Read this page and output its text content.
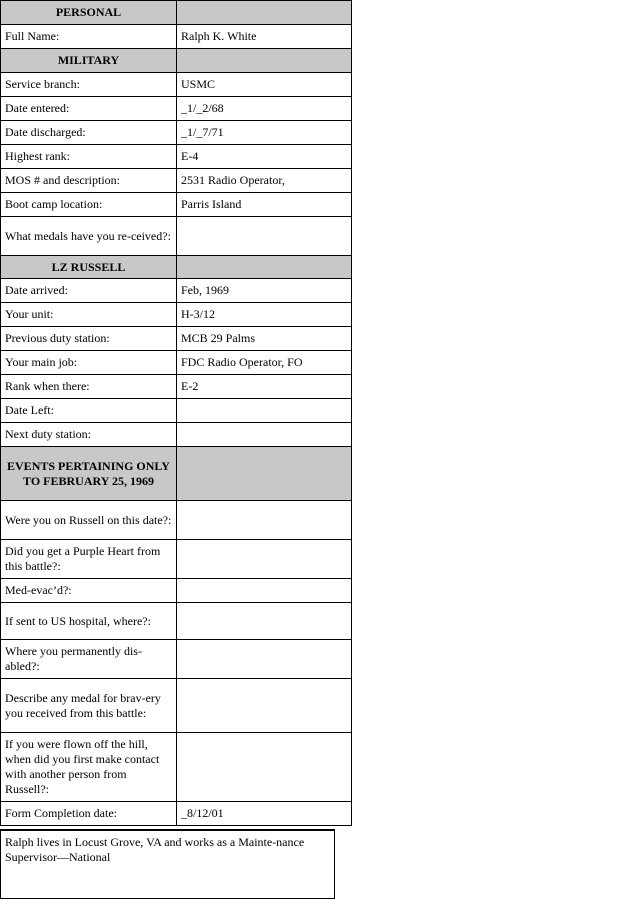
PERSONAL	
Full Name:	Ralph K. White
MILITARY	
Service branch:	USMC
Date entered:	_1/_2/68
Date discharged:	_1/_7/71
Highest rank:	E-4
MOS # and description:	2531 Radio Operator,
Boot camp location:	Parris Island
What medals have you re-ceived?:	
LZ RUSSELL	
Date arrived:	Feb, 1969
Your unit:	H-3/12
Previous duty station:	MCB 29 Palms
Your main job:	FDC Radio Operator, FO
Rank when there:	E-2
Date Left:	
Next duty station:	
EVENTS PERTAINING ONLY TO FEBRUARY 25, 1969	
Were you on Russell on this date?:	
Did you get a Purple Heart from this battle?:	
Med-evac’d?:	
If sent to US hospital, where?:	
Where you permanently dis-abled?:	
Describe any medal for brav-ery you received from this battle:	
If you were flown off the hill, when did you first make contact with another person from Russell?:	
Form Completion date:	_8/12/01
Ralph lives in Locust Grove, VA and works as a Mainte-nance Supervisor—National
